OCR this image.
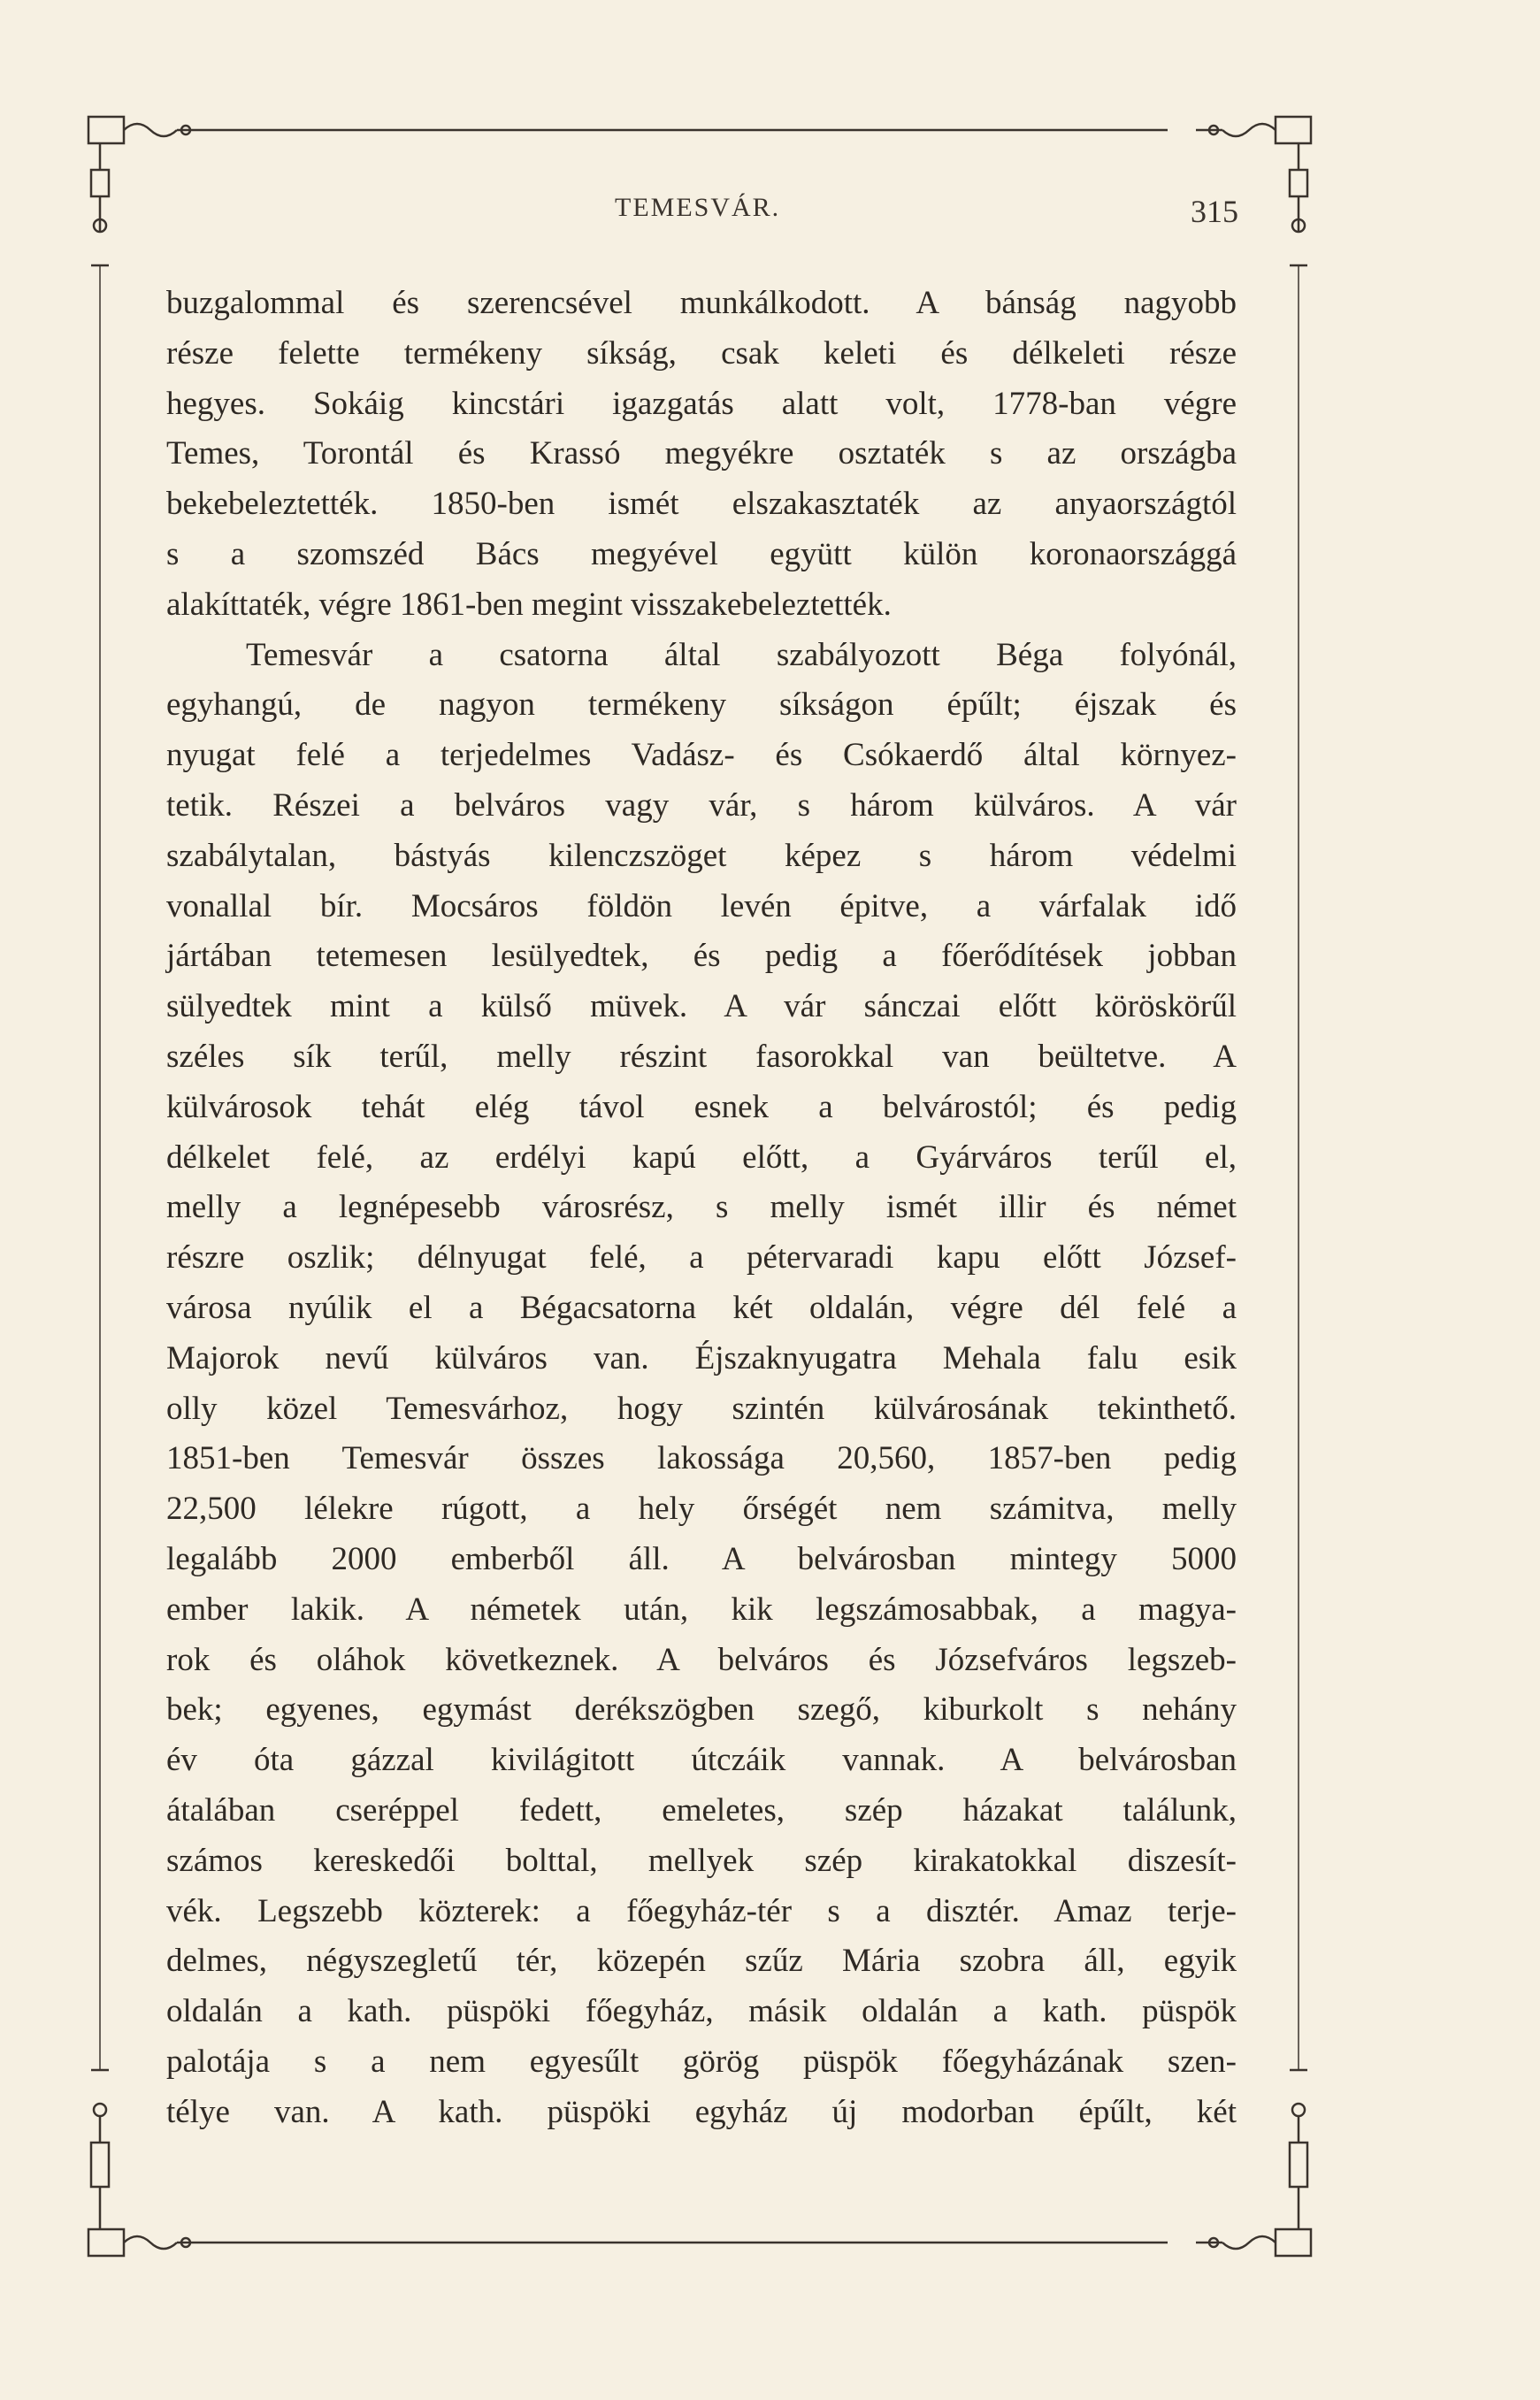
TEMESVÁR.	315
buzgalommal és szerencsével munkálkodott. A bánság nagyobb
része felette termékeny síkság, csak keleti és délkeleti része
hegyes. Sokáig kincstári igazgatás alatt volt, 1778-ban végre
Temes, Torontál és Krassó megyékre osztaték s az országba
bekebeleztették. 1850-ben ismét elszakasztaték az anyaországtól
s a szomszéd Bács megyével együtt külön koronaországgá
alakíttaték, végre 1861-ben megint visszakebeleztették.
Temesvár a csatorna által szabályozott Béga folyónál,
egyhangú, de nagyon termékeny síkságon épűlt; éjszak és
nyugat felé a terjedelmes Vadász- és Csókaerdő által környez-
tetik. Részei a belváros vagy vár, s három külváros. A vár
szabálytalan, bástyás kilenczszöget képez s három védelmi
vonallal bír. Mocsáros földön levén épitve, a várfalak idő
jártában tetemesen lesülyedtek, és pedig a főerődítések jobban
sülyedtek mint a külső müvek. A vár sánczai előtt köröskörűl
széles sík terűl, melly részint fasorokkal van beültetve. A
külvárosok tehát elég távol esnek a belvárostól; és pedig
délkelet felé, az erdélyi kapú előtt, a Gyárváros terűl el,
melly a legnépesebb városrész, s melly ismét illir és német
részre oszlik; délnyugat felé, a pétervaradi kapu előtt József-
városa nyúlik el a Bégacsatorna két oldalán, végre dél felé a
Majorok nevű külváros van. Éjszaknyugatra Mehala falu esik
olly közel Temesvárhoz, hogy szintén külvárosának tekinthető.
1851-ben Temesvár összes lakossága 20,560, 1857-ben pedig
22,500 lélekre rúgott, a hely őrségét nem számitva, melly
legalább 2000 emberből áll. A belvárosban mintegy 5000
ember lakik. A németek után, kik legszámosabbak, a magya-
rok és oláhok következnek. A belváros és Józsefváros legszeb-
bek; egyenes, egymást derékszögben szegő, kiburkolt s nehány
év óta gázzal kivilágitott útczáik vannak. A belvárosban
átalában cseréppel fedett, emeletes, szép házakat találunk,
számos kereskedői bolttal, mellyek szép kirakatokkal diszesít-
vék. Legszebb közterek: a főegyház-tér s a disztér. Amaz terje-
delmes, négyszegletű tér, közepén szűz Mária szobra áll, egyik
oldalán a kath. püspöki főegyház, másik oldalán a kath. püspök
palotája s a nem egyesűlt görög püspök főegyházának szen-
télye van. A kath. püspöki egyház új modorban épűlt, két
